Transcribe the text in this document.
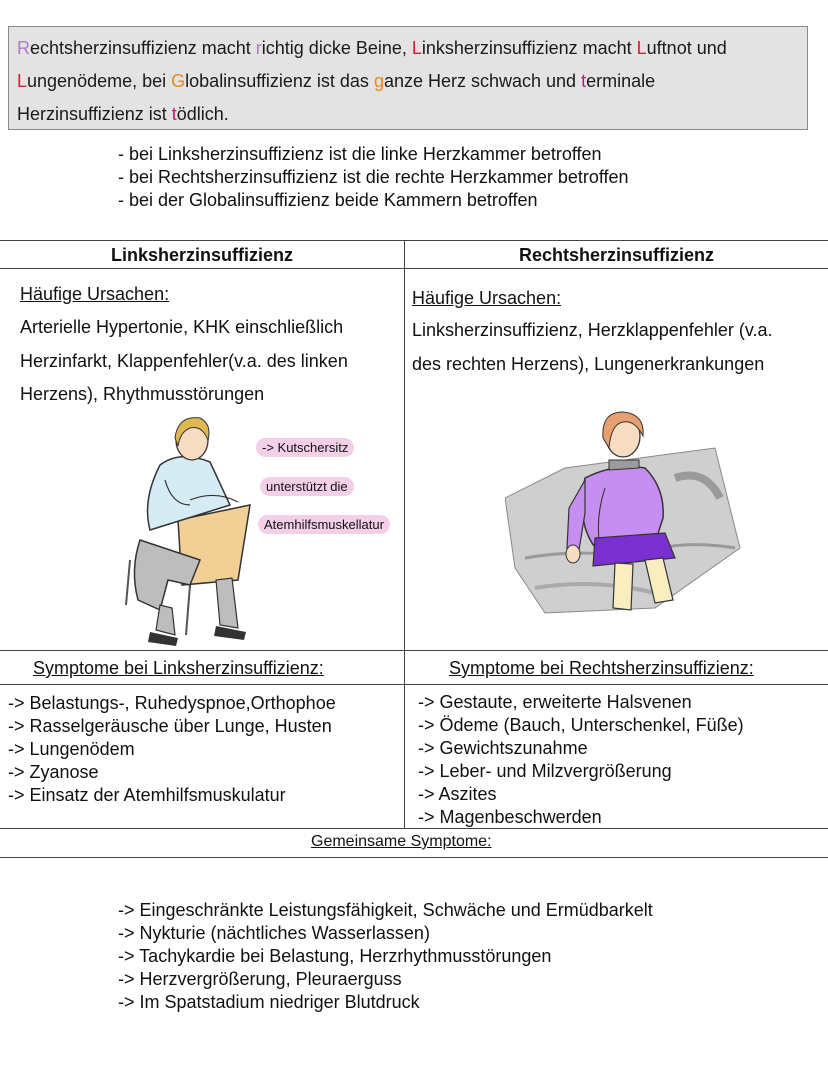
Rechtsherzinsuffizienz macht richtig dicke Beine, Linksherzinsuffizienz macht Luftnot und
Lungenödeme, bei Globalinsuffizienz ist das ganze Herz schwach und terminale
Herzinsuffizienz ist tödlich.
- bei Linksherzinsuffizienz ist die linke Herzkammer betroffen
- bei Rechtsherzinsuffizienz ist die rechte Herzkammer betroffen
- bei der Globalinsuffizienz beide Kammern betroffen
Linksherzinsuffizienz	Rechtsherzinsuffizienz
Häufige Ursachen:
Arterielle Hypertonie, KHK einschließlich
Herzinfarkt, Klappenfehler(v.a. des linken
Herzens), Rhythmusstörungen
Häufige Ursachen:
Linksherzinsuffizienz, Herzklappenfehler (v.a.
des rechten Herzens), Lungenerkrankungen
-> Kutschersitz
unterstützt die
Atemhilfsmuskellatur
Symptome bei Linksherzinsuffizienz:	Symptome bei Rechtsherzinsuffizienz:
-> Belastungs-, Ruhedyspnoe,Orthophoe
-> Rasselgeräusche über Lunge, Husten
-> Lungenödem
-> Zyanose
-> Einsatz der Atemhilfsmuskulatur
-> Gestaute, erweiterte Halsvenen
-> Ödeme (Bauch, Unterschenkel, Füße)
-> Gewichtszunahme
-> Leber- und Milzvergrößerung
-> Aszites
-> Magenbeschwerden
Gemeinsame Symptome:
-> Eingeschränkte Leistungsfähigkeit, Schwäche und Ermüdbarkelt
-> Nykturie (nächtliches Wasserlassen)
-> Tachykardie bei Belastung, Herzrhythmusstörungen
-> Herzvergrößerung, Pleuraerguss
-> Im Spatstadium niedriger Blutdruck
